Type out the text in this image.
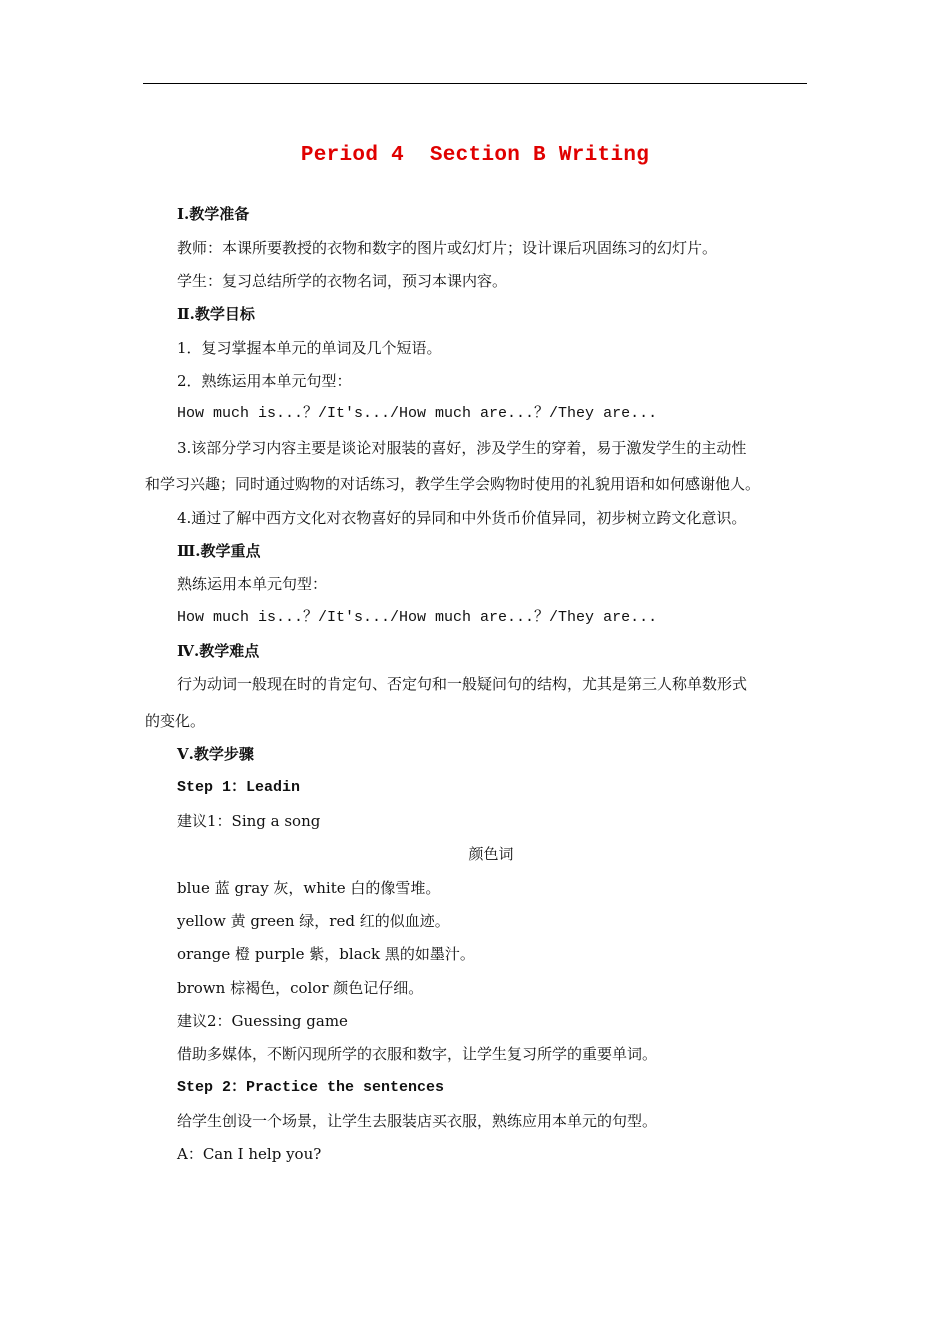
Period 4  Section B Writing
Ⅰ.教学准备
教师：本课所要教授的衣物和数字的图片或幻灯片；设计课后巩固练习的幻灯片。
学生：复习总结所学的衣物名词，预习本课内容。
Ⅱ.教学目标
1．复习掌握本单元的单词及几个短语。
2．熟练运用本单元句型：
How much is...？/It's.../How much are...？/They are...
3.该部分学习内容主要是谈论对服装的喜好，涉及学生的穿着，易于激发学生的主动性
和学习兴趣；同时通过购物的对话练习，教学生学会购物时使用的礼貌用语和如何感谢他人。
4.通过了解中西方文化对衣物喜好的异同和中外货币价值异同，初步树立跨文化意识。
Ⅲ.教学重点
熟练运用本单元句型：
How much is...？/It's.../How much are...？/They are...
Ⅳ.教学难点
行为动词一般现在时的肯定句、否定句和一般疑问句的结构，尤其是第三人称单数形式
的变化。
Ⅴ.教学步骤
Step 1：Leadin
建议1：Sing a song
颜色词
blue 蓝 gray 灰，white 白的像雪堆。
yellow 黄 green 绿，red 红的似血迹。
orange 橙 purple 紫，black 黑的如墨汁。
brown 棕褐色，color 颜色记仔细。
建议2：Guessing game
借助多媒体，不断闪现所学的衣服和数字，让学生复习所学的重要单词。
Step 2：Practice the sentences
给学生创设一个场景，让学生去服装店买衣服，熟练应用本单元的句型。
A：Can I help you?
